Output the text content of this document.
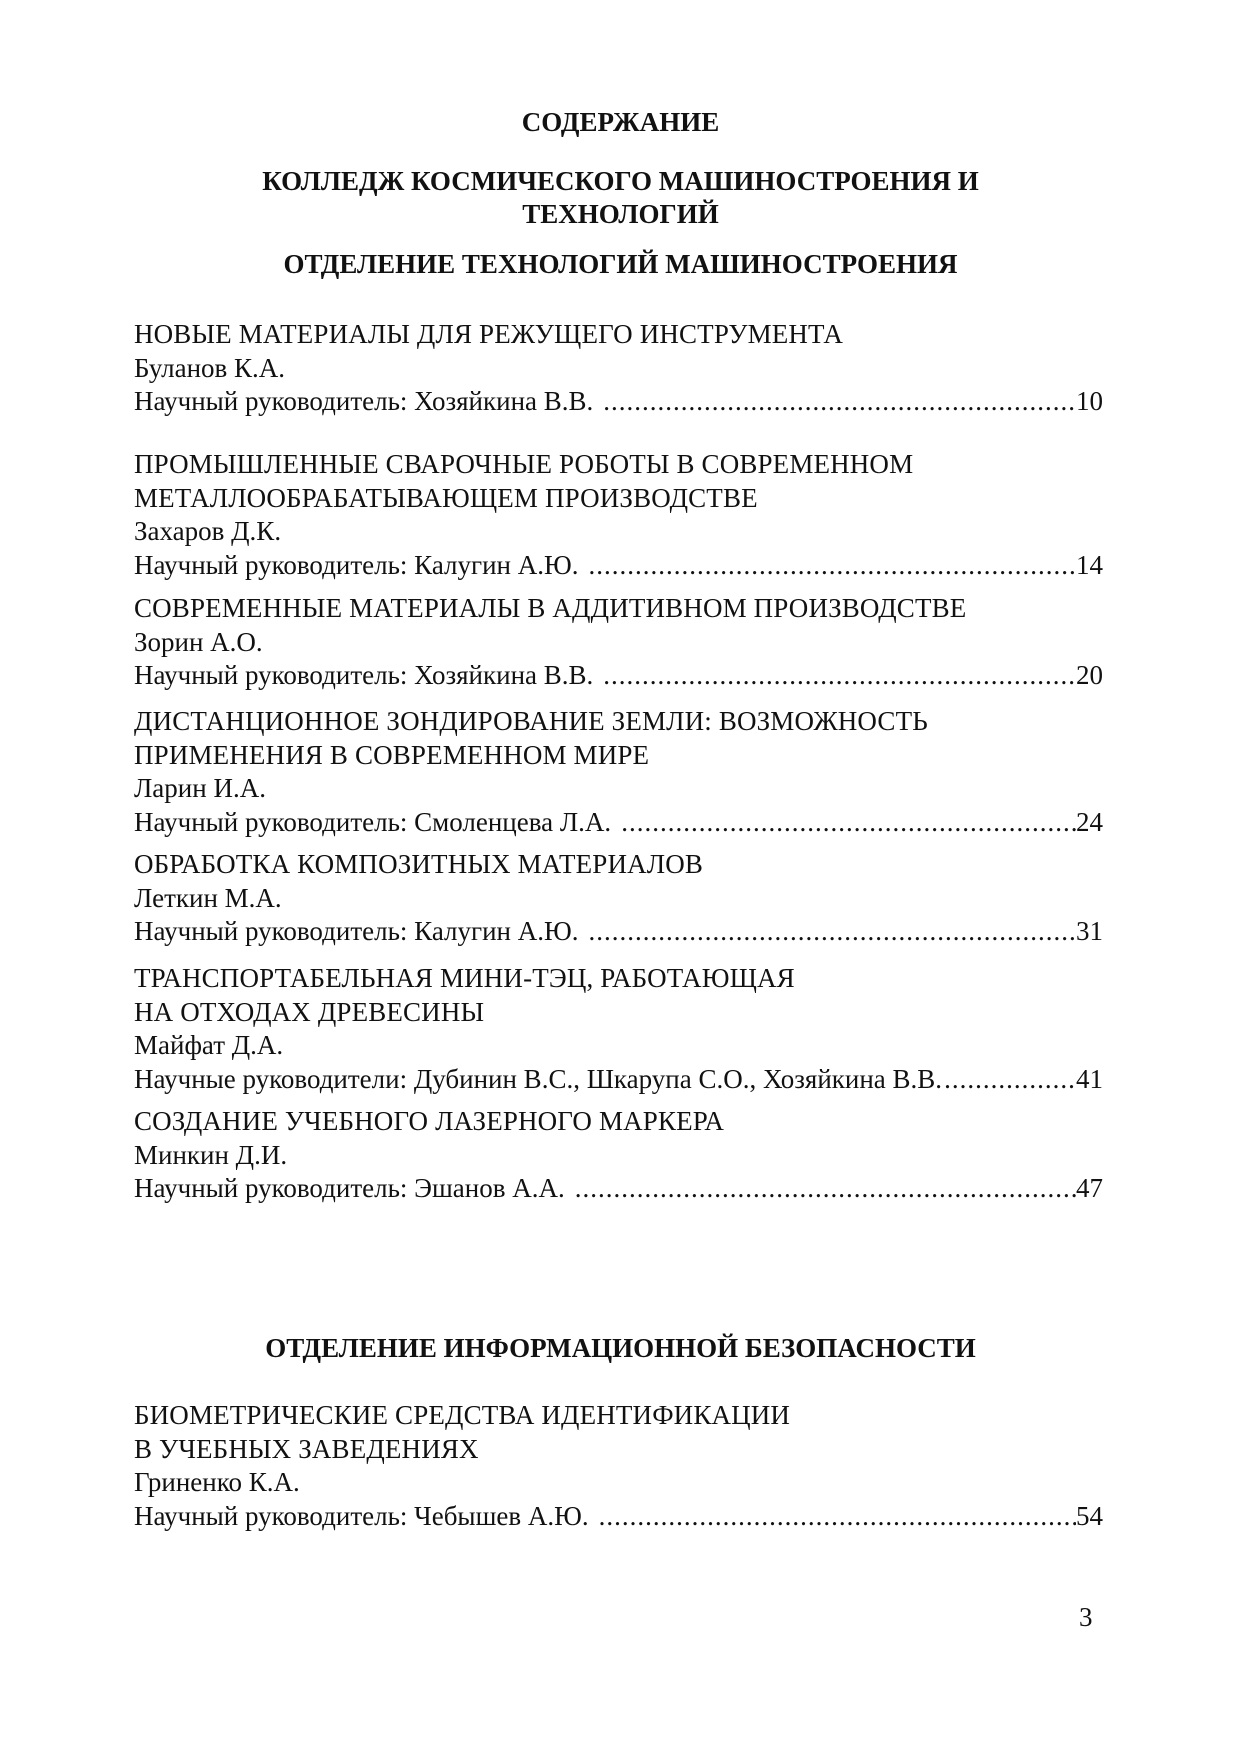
СОДЕРЖАНИЕ
КОЛЛЕДЖ КОСМИЧЕСКОГО МАШИНОСТРОЕНИЯ И
ТЕХНОЛОГИЙ
ОТДЕЛЕНИЕ ТЕХНОЛОГИЙ МАШИНОСТРОЕНИЯ
НОВЫЕ МАТЕРИАЛЫ ДЛЯ РЕЖУЩЕГО ИНСТРУМЕНТА
Буланов К.А.
Научный руководитель: Хозяйкина В.В. .....	10
ПРОМЫШЛЕННЫЕ СВАРОЧНЫЕ РОБОТЫ В СОВРЕМЕННОМ
МЕТАЛЛООБРАБАТЫВАЮЩЕМ ПРОИЗВОДСТВЕ
Захаров Д.К.
Научный руководитель: Калугин А.Ю. .....	14
СОВРЕМЕННЫЕ МАТЕРИАЛЫ В АДДИТИВНОМ ПРОИЗВОДСТВЕ
Зорин А.О.
Научный руководитель: Хозяйкина В.В. .....	20
ДИСТАНЦИОННОЕ ЗОНДИРОВАНИЕ ЗЕМЛИ: ВОЗМОЖНОСТЬ
ПРИМЕНЕНИЯ В СОВРЕМЕННОМ МИРЕ
Ларин И.А.
Научный руководитель: Смоленцева Л.А. .....	24
ОБРАБОТКА КОМПОЗИТНЫХ МАТЕРИАЛОВ
Леткин М.А.
Научный руководитель: Калугин А.Ю. .....	31
ТРАНСПОРТАБЕЛЬНАЯ МИНИ-ТЭЦ, РАБОТАЮЩАЯ
НА ОТХОДАХ ДРЕВЕСИНЫ
Майфат Д.А.
Научные руководители: Дубинин В.С., Шкарупа С.О., Хозяйкина В.В. .....	41
СОЗДАНИЕ УЧЕБНОГО ЛАЗЕРНОГО МАРКЕРА
Минкин Д.И.
Научный руководитель: Эшанов А.А. .....	47
ОТДЕЛЕНИЕ ИНФОРМАЦИОННОЙ БЕЗОПАСНОСТИ
БИОМЕТРИЧЕСКИЕ СРЕДСТВА ИДЕНТИФИКАЦИИ
В УЧЕБНЫХ ЗАВЕДЕНИЯХ
Гриненко К.А.
Научный руководитель: Чебышев А.Ю. .....	54
3
